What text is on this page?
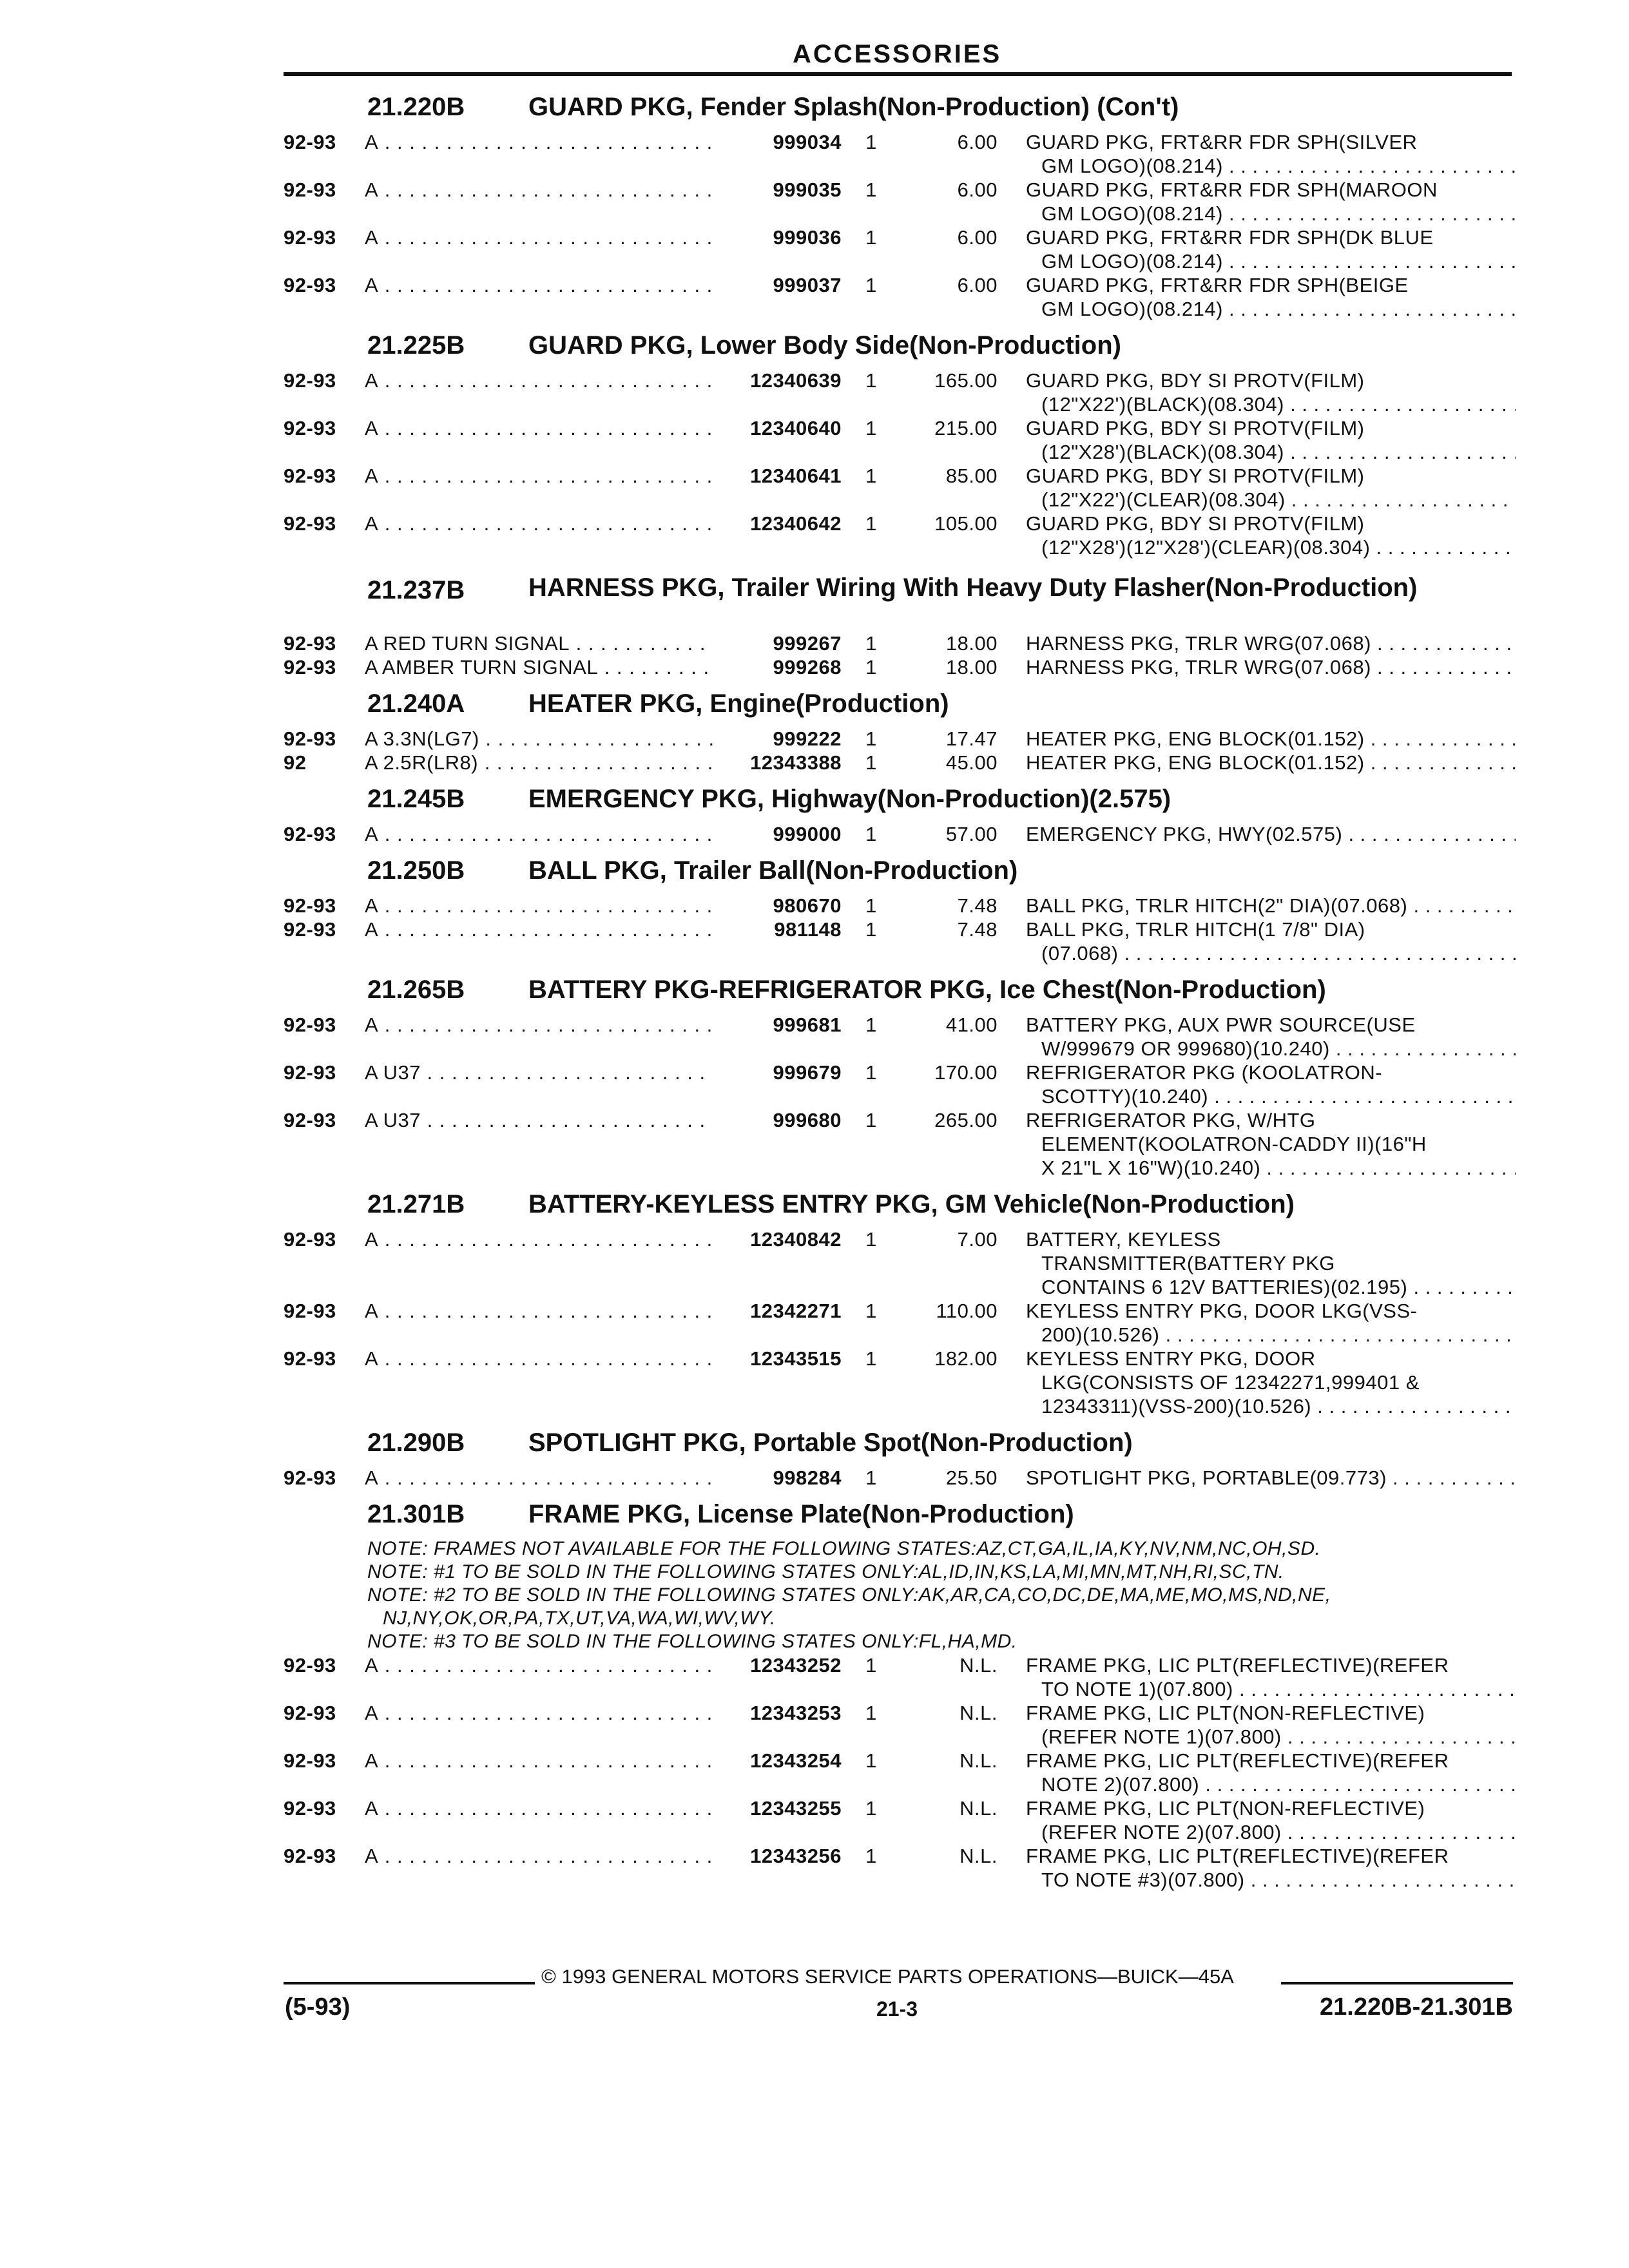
ACCESSORIES
21.220B	GUARD PKG, Fender Splash(Non-Production) (Con't)
92-93	A . . .	999034	1	6.00 GUARD PKG, FRT&RR FDR SPH(SILVER
GM LOGO)(08.214) . . .
92-93	A . . .	999035	1	6.00 GUARD PKG, FRT&RR FDR SPH(MAROON
GM LOGO)(08.214) . . .
92-93	A . . .	999036	1	6.00 GUARD PKG, FRT&RR FDR SPH(DK BLUE
GM LOGO)(08.214) . . .
92-93	A . . .	999037	1	6.00 GUARD PKG, FRT&RR FDR SPH(BEIGE
GM LOGO)(08.214) . . .
21.225B	GUARD PKG, Lower Body Side(Non-Production)
92-93	A . . .	12340639	1	165.00 GUARD PKG, BDY SI PROTV(FILM)
(12"X22')(BLACK)(08.304) . . .
92-93	A . . .	12340640	1	215.00 GUARD PKG, BDY SI PROTV(FILM)
(12"X28')(BLACK)(08.304) . . .
92-93	A . . .	12340641	1	85.00 GUARD PKG, BDY SI PROTV(FILM)
(12"X22')(CLEAR)(08.304) . . .
92-93	A . . .	12340642	1	105.00 GUARD PKG, BDY SI PROTV(FILM)
(12"X28')(12"X28')(CLEAR)(08.304) . . .
21.237B	HARNESS PKG, Trailer Wiring With Heavy Duty Flasher(Non-Production)
92-93	A RED TURN SIGNAL . . .	999267	1	18.00 HARNESS PKG, TRLR WRG(07.068) . . .
92-93	A AMBER TURN SIGNAL . . .	999268	1	18.00 HARNESS PKG, TRLR WRG(07.068) . . .
21.240A	HEATER PKG, Engine(Production)
92-93	A 3.3N(LG7) . . .	999222	1	17.47 HEATER PKG, ENG BLOCK(01.152) . . .
92	A 2.5R(LR8) . . .	12343388	1	45.00 HEATER PKG, ENG BLOCK(01.152) . . .
21.245B	EMERGENCY PKG, Highway(Non-Production)(2.575)
92-93	A . . .	999000	1	57.00 EMERGENCY PKG, HWY(02.575) . . .
21.250B	BALL PKG, Trailer Ball(Non-Production)
92-93	A . . .	980670	1	7.48 BALL PKG, TRLR HITCH(2" DIA)(07.068) . . .
92-93	A . . .	981148	1	7.48 BALL PKG, TRLR HITCH(1 7/8" DIA)
(07.068) . . .
21.265B	BATTERY PKG-REFRIGERATOR PKG, Ice Chest(Non-Production)
92-93	A . . .	999681	1	41.00 BATTERY PKG, AUX PWR SOURCE(USE
W/999679 OR 999680)(10.240) . . .
92-93	A U37 . . .	999679	1	170.00 REFRIGERATOR PKG (KOOLATRON-
SCOTTY)(10.240) . . .
92-93	A U37 . . .	999680	1	265.00 REFRIGERATOR PKG, W/HTG
ELEMENT(KOOLATRON-CADDY II)(16"H
X 21"L X 16"W)(10.240) . . .
21.271B	BATTERY-KEYLESS ENTRY PKG, GM Vehicle(Non-Production)
92-93	A . . .	12340842	1	7.00 BATTERY, KEYLESS
TRANSMITTER(BATTERY PKG
CONTAINS 6 12V BATTERIES)(02.195) . . .
92-93	A . . .	12342271	1	110.00 KEYLESS ENTRY PKG, DOOR LKG(VSS-
200)(10.526) . . .
92-93	A . . .	12343515	1	182.00 KEYLESS ENTRY PKG, DOOR
LKG(CONSISTS OF 12342271,999401 &
12343311)(VSS-200)(10.526) . . .
21.290B	SPOTLIGHT PKG, Portable Spot(Non-Production)
92-93	A . . .	998284	1	25.50 SPOTLIGHT PKG, PORTABLE(09.773) . . .
21.301B	FRAME PKG, License Plate(Non-Production)
NOTE: FRAMES NOT AVAILABLE FOR THE FOLLOWING STATES:AZ,CT,GA,IL,IA,KY,NV,NM,NC,OH,SD.
NOTE: #1 TO BE SOLD IN THE FOLLOWING STATES ONLY:AL,ID,IN,KS,LA,MI,MN,MT,NH,RI,SC,TN.
NOTE: #2 TO BE SOLD IN THE FOLLOWING STATES ONLY:AK,AR,CA,CO,DC,DE,MA,ME,MO,MS,ND,NE,
NJ,NY,OK,OR,PA,TX,UT,VA,WA,WI,WV,WY.
NOTE: #3 TO BE SOLD IN THE FOLLOWING STATES ONLY:FL,HA,MD.
92-93	A . . .	12343252	1	N.L. FRAME PKG, LIC PLT(REFLECTIVE)(REFER
TO NOTE 1)(07.800) . . .
92-93	A . . .	12343253	1	N.L. FRAME PKG, LIC PLT(NON-REFLECTIVE)
(REFER NOTE 1)(07.800) . . .
92-93	A . . .	12343254	1	N.L. FRAME PKG, LIC PLT(REFLECTIVE)(REFER
NOTE 2)(07.800) . . .
92-93	A . . .	12343255	1	N.L. FRAME PKG, LIC PLT(NON-REFLECTIVE)
(REFER NOTE 2)(07.800) . . .
92-93	A . . .	12343256	1	N.L. FRAME PKG, LIC PLT(REFLECTIVE)(REFER
TO NOTE #3)(07.800) . . .
© 1993 GENERAL MOTORS SERVICE PARTS OPERATIONS—BUICK—45A
(5-93)	21-3	21.220B-21.301B
